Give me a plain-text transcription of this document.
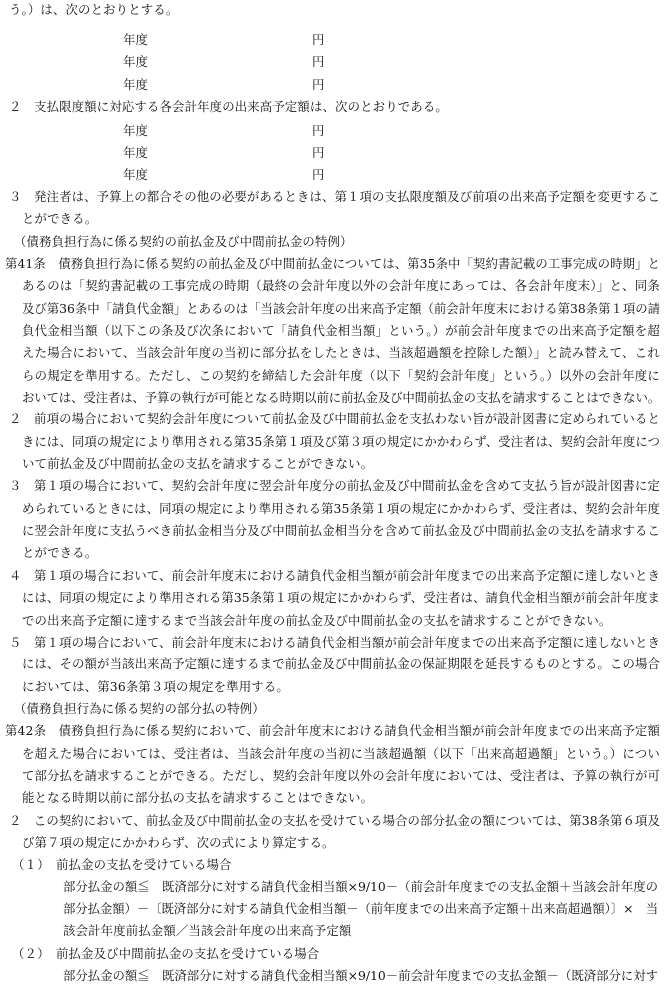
う。）は、次のとおりとする。
年度	円
年度	円
年度	円
２　支払限度額に対応する各会計年度の出来高予定額は、次のとおりである。
年度	円
年度	円
年度	円
３　発注者は、予算上の都合その他の必要があるときは、第１項の支払限度額及び前項の出来高予定額を変更するこ
とができる。
（債務負担行為に係る契約の前払金及び中間前払金の特例）
第41条　債務負担行為に係る契約の前払金及び中間前払金については、第35条中「契約書記載の工事完成の時期」と
あるのは「契約書記載の工事完成の時期（最終の会計年度以外の会計年度にあっては、各会計年度末）」と、同条
及び第36条中「請負代金額」とあるのは「当該会計年度の出来高予定額（前会計年度末における第38条第１項の請
負代金相当額（以下この条及び次条において「請負代金相当額」という。）が前会計年度までの出来高予定額を超
えた場合において、当該会計年度の当初に部分払をしたときは、当該超過額を控除した額）」と読み替えて、これ
らの規定を準用する。ただし、この契約を締結した会計年度（以下「契約会計年度」という。）以外の会計年度に
おいては、受注者は、予算の執行が可能となる時期以前に前払金及び中間前払金の支払を請求することはできない。
２　前項の場合において契約会計年度について前払金及び中間前払金を支払わない旨が設計図書に定められていると
きには、同項の規定により準用される第35条第１項及び第３項の規定にかかわらず、受注者は、契約会計年度につ
いて前払金及び中間前払金の支払を請求することができない。
３　第１項の場合において、契約会計年度に翌会計年度分の前払金及び中間前払金を含めて支払う旨が設計図書に定
められているときには、同項の規定により準用される第35条第１項の規定にかかわらず、受注者は、契約会計年度
に翌会計年度に支払うべき前払金相当分及び中間前払金相当分を含めて前払金及び中間前払金の支払を請求するこ
とができる。
４　第１項の場合において、前会計年度末における請負代金相当額が前会計年度までの出来高予定額に達しないとき
には、同項の規定により準用される第35条第１項の規定にかかわらず、受注者は、請負代金相当額が前会計年度ま
での出来高予定額に達するまで当該会計年度の前払金及び中間前払金の支払を請求することができない。
５　第１項の場合において、前会計年度末における請負代金相当額が前会計年度までの出来高予定額に達しないとき
には、その額が当該出来高予定額に達するまで前払金及び中間前払金の保証期限を延長するものとする。この場合
においては、第36条第３項の規定を準用する。
（債務負担行為に係る契約の部分払の特例）
第42条　債務負担行為に係る契約において、前会計年度末における請負代金相当額が前会計年度までの出来高予定額
を超えた場合においては、受注者は、当該会計年度の当初に当該超過額（以下「出来高超過額」という。）につい
て部分払を請求することができる。ただし、契約会計年度以外の会計年度においては、受注者は、予算の執行が可
能となる時期以前に部分払の支払を請求することはできない。
２　この契約において、前払金及び中間前払金の支払を受けている場合の部分払金の額については、第38条第６項及
び第７項の規定にかかわらず、次の式により算定する。
（１）　前払金の支払を受けている場合
部分払金の額≦　既済部分に対する請負代金相当額×9/10－（前会計年度までの支払金額＋当該会計年度の
部分払金額）－〔既済部分に対する請負代金相当額－（前年度までの出来高予定額＋出来高超過額）〕×　当
該会計年度前払金額／当該会計年度の出来高予定額
（２）　前払金及び中間前払金の支払を受けている場合
部分払金の額≦　既済部分に対する請負代金相当額×9/10－前会計年度までの支払金額－（既済部分に対す
